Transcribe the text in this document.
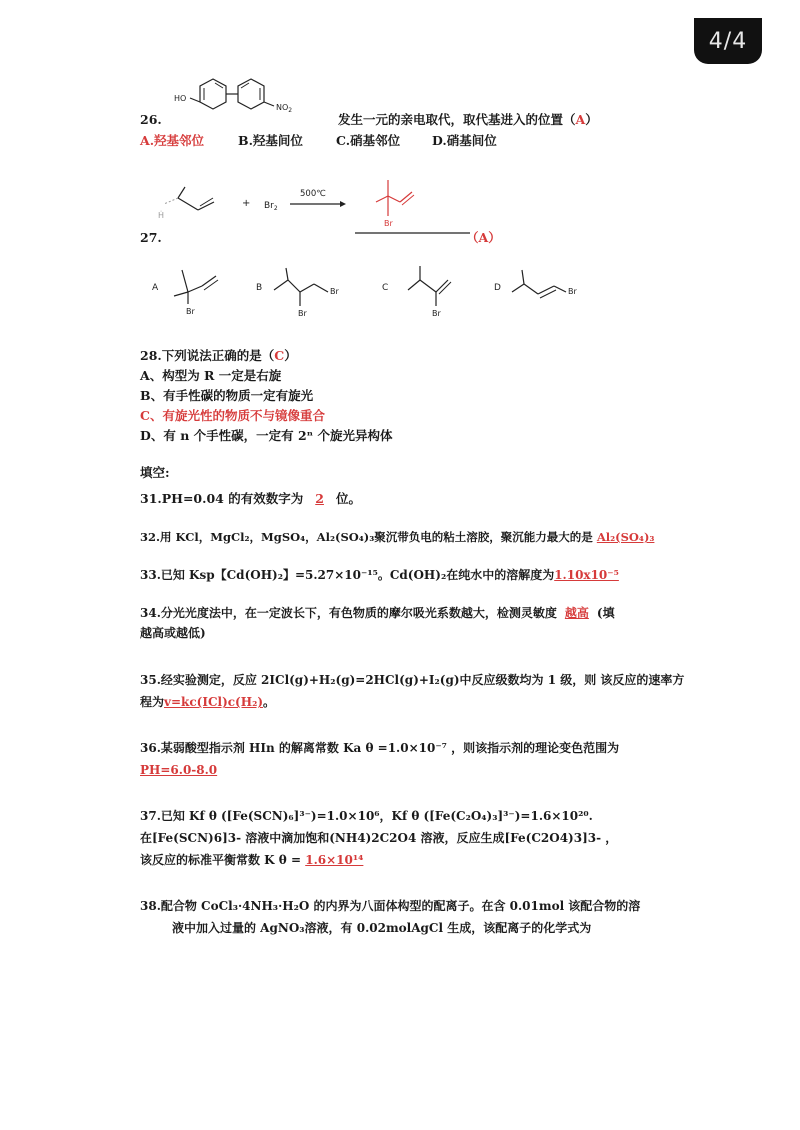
4/4
HO
$NO_2$
26.	发生一元的亲电取代，取代基进入的位置（A）
A.羟基邻位	B.羟基间位	C.硝基邻位	D.硝基间位
Ḣ
+ $Br_2$
500℃
Br
27.	（A）
A
Br
B	Br
Br
C
Br
D	Br
28.下列说法正确的是（C）
A、构型为 R 一定是右旋
B、有手性碳的物质一定有旋光
C、有旋光性的物质不与镜像重合
D、有 n 个手性碳，一定有 2ⁿ 个旋光异构体
填空:
31.PH=0.04 的有效数字为 2 位。
32.用 KCl，MgCl₂，MgSO₄，Al₂(SO₄)₃聚沉带负电的粘土溶胶，聚沉能力最大的是 Al₂(SO₄)₃
33.已知 Ksp【Cd(OH)₂】=5.27×10⁻¹⁵。Cd(OH)₂在纯水中的溶解度为1.10x10⁻⁵
34.分光光度法中，在一定波长下，有色物质的摩尔吸光系数越大，检测灵敏度 越高 (填
越高或越低)
35.经实验测定，反应 2ICl(g)+H₂(g)=2HCl(g)+I₂(g)中反应级数均为 1 级，则 该反应的速率方
程为v=kc(ICl)c(H₂)。
36.某弱酸型指示剂 HIn 的解离常数 Ka θ =1.0×10⁻⁷ ，则该指示剂的理论变色范围为
PH=6.0-8.0
37.已知 Kf θ ([Fe(SCN)₆]³⁻)=1.0×10⁶，Kf θ ([Fe(C₂O₄)₃]³⁻)=1.6×10²⁰.
在[Fe(SCN)6]3- 溶液中滴加饱和(NH4)2C2O4 溶液，反应生成[Fe(C2O4)3]3- ，
该反应的标准平衡常数 K θ = 1.6×10¹⁴
38.配合物 CoCl₃·4NH₃·H₂O 的内界为八面体构型的配离子。在含 0.01mol 该配合物的溶
液中加入过量的 AgNO₃溶液，有 0.02molAgCl 生成，该配离子的化学式为
